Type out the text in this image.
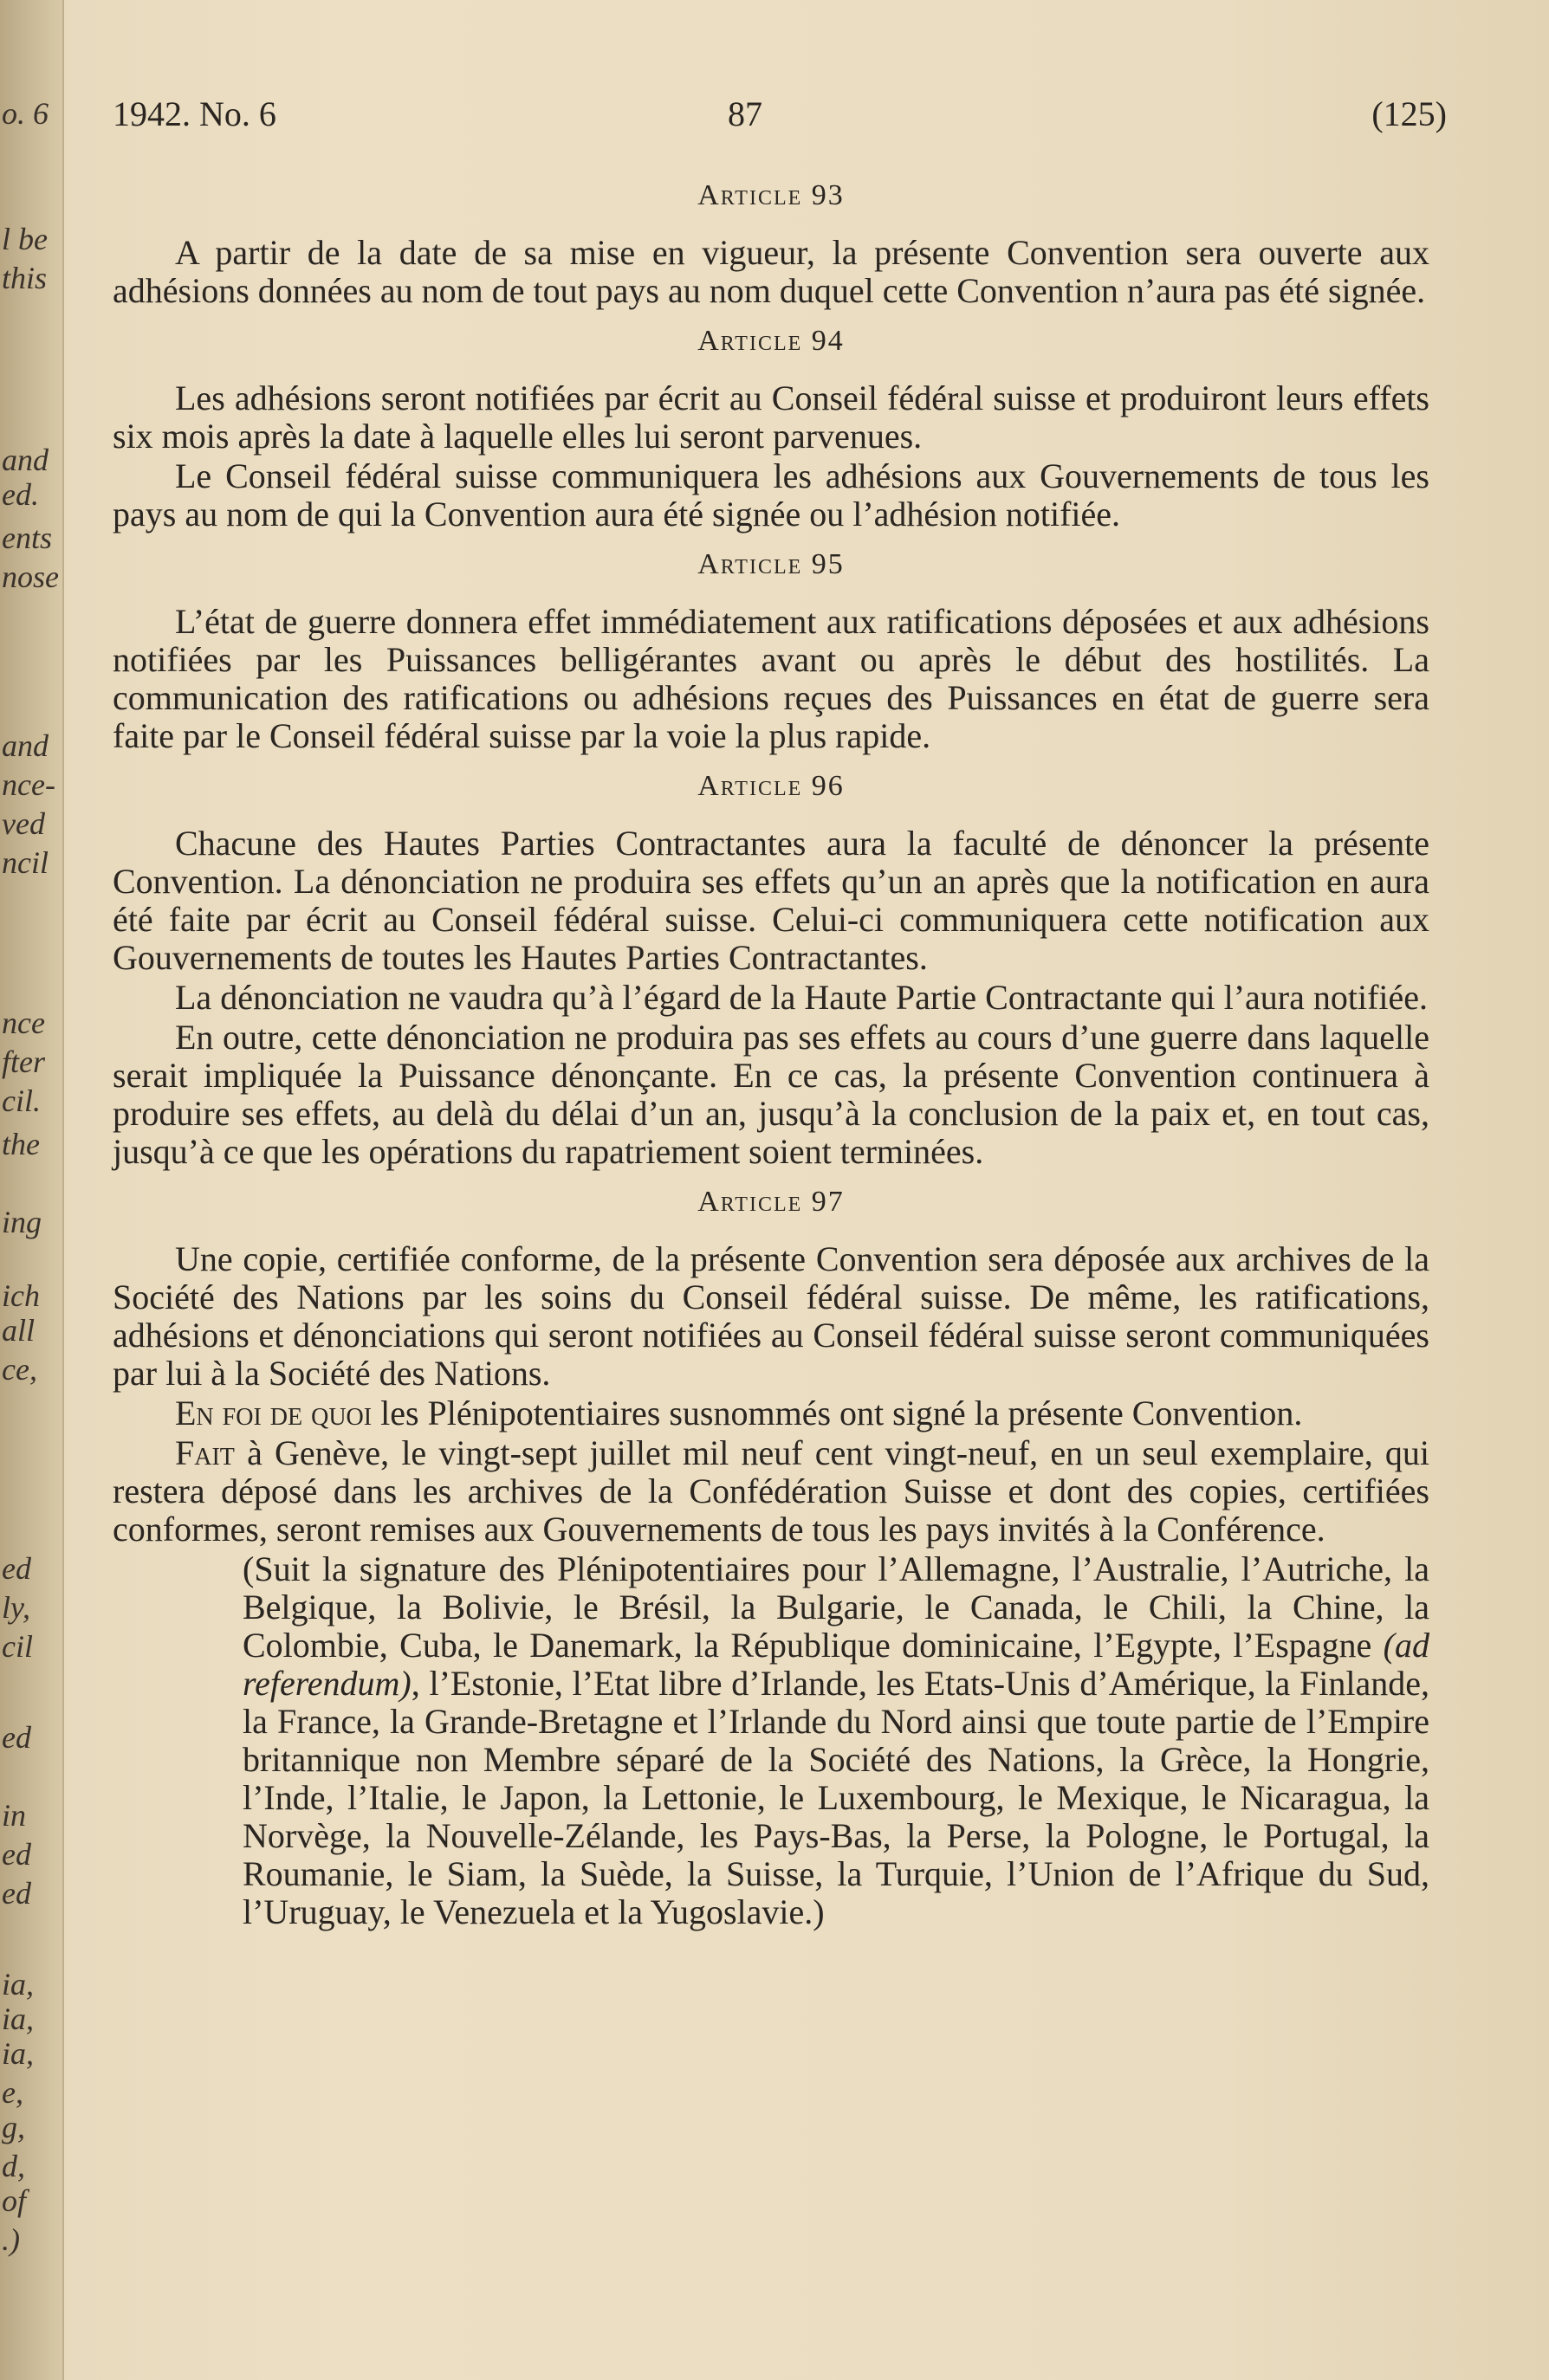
o. 6
l be
this
and
ed.
ents
nose
and
nce-
ved
ncil
nce
fter
cil.
the
ing
ich
all
ce,
ed
ly,
cil
ed
in
ed
ed
ia,
ia,
ia,
e,
g,
d,
of
.)
1942. No. 6	87	(125)
Article 93

A partir de la date de sa mise en vigueur, la présente Convention sera ouverte aux adhésions données au nom de tout pays au nom duquel cette Convention n’aura pas été signée.

Article 94

Les adhésions seront notifiées par écrit au Conseil fédéral suisse et produiront leurs effets six mois après la date à laquelle elles lui seront parvenues.

Le Conseil fédéral suisse communiquera les adhésions aux Gouvernements de tous les pays au nom de qui la Convention aura été signée ou l’adhésion notifiée.

Article 95

L’état de guerre donnera effet immédiatement aux ratifications déposées et aux adhésions notifiées par les Puissances belligérantes avant ou après le début des hostilités. La communication des ratifications ou adhésions reçues des Puissances en état de guerre sera faite par le Conseil fédéral suisse par la voie la plus rapide.

Article 96

Chacune des Hautes Parties Contractantes aura la faculté de dénoncer la présente Convention. La dénonciation ne produira ses effets qu’un an après que la notification en aura été faite par écrit au Conseil fédéral suisse. Celui-ci communiquera cette notification aux Gouvernements de toutes les Hautes Parties Contractantes.

La dénonciation ne vaudra qu’à l’égard de la Haute Partie Contractante qui l’aura notifiée.

En outre, cette dénonciation ne produira pas ses effets au cours d’une guerre dans laquelle serait impliquée la Puissance dénonçante. En ce cas, la présente Convention continuera à produire ses effets, au delà du délai d’un an, jusqu’à la conclusion de la paix et, en tout cas, jusqu’à ce que les opérations du rapatriement soient terminées.

Article 97

Une copie, certifiée conforme, de la présente Convention sera déposée aux archives de la Société des Nations par les soins du Conseil fédéral suisse. De même, les ratifications, adhésions et dénonciations qui seront notifiées au Conseil fédéral suisse seront communiquées par lui à la Société des Nations.

En foi de quoi les Plénipotentiaires susnommés ont signé la présente Convention.

Fait à Genève, le vingt-sept juillet mil neuf cent vingt-neuf, en un seul exemplaire, qui restera déposé dans les archives de la Confédération Suisse et dont des copies, certifiées conformes, seront remises aux Gouvernements de tous les pays invités à la Conférence.

(Suit la signature des Plénipotentiaires pour l’Allemagne, l’Australie, l’Autriche, la Belgique, la Bolivie, le Brésil, la Bulgarie, le Canada, le Chili, la Chine, la Colombie, Cuba, le Danemark, la République dominicaine, l’Egypte, l’Espagne (ad referendum), l’Estonie, l’Etat libre d’Irlande, les Etats-Unis d’Amérique, la Finlande, la France, la Grande-Bretagne et l’Irlande du Nord ainsi que toute partie de l’Empire britannique non Membre séparé de la Société des Nations, la Grèce, la Hongrie, l’Inde, l’Italie, le Japon, la Lettonie, le Luxembourg, le Mexique, le Nicaragua, la Norvège, la Nouvelle-Zélande, les Pays-Bas, la Perse, la Pologne, le Portugal, la Roumanie, le Siam, la Suède, la Suisse, la Turquie, l’Union de l’Afrique du Sud, l’Uruguay, le Venezuela et la Yugoslavie.)
